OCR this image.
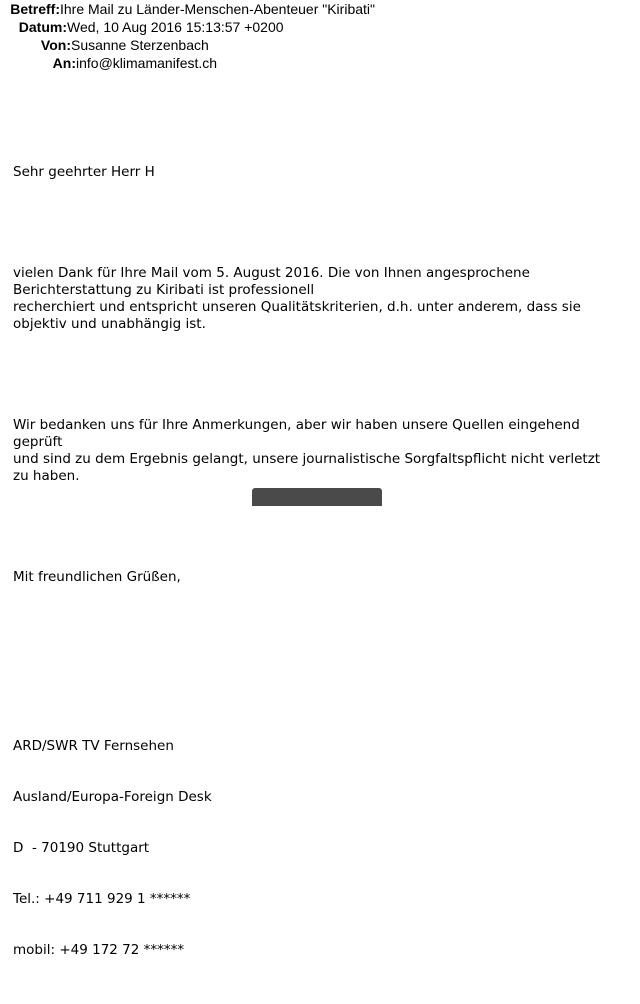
Betreff: Ihre Mail zu Länder-Menschen-Abenteuer "Kiribati"
Datum: Wed, 10 Aug 2016 15:13:57 +0200
Von: Susanne Sterzenbach
An: info@klimamanifest.ch

Sehr geehrter Herr H

vielen Dank für Ihre Mail vom 5. August 2016. Die von Ihnen angesprochene
Berichterstattung zu Kiribati ist professionell
recherchiert und entspricht unseren Qualitätskriterien, d.h. unter anderem, dass sie
objektiv und unabhängig ist.

Wir bedanken uns für Ihre Anmerkungen, aber wir haben unsere Quellen eingehend
geprüft
und sind zu dem Ergebnis gelangt, unsere journalistische Sorgfaltspflicht nicht verletzt
zu haben.

Mit freundlichen Grüßen,

ARD/SWR TV Fernsehen

Ausland/Europa-Foreign Desk

D  - 70190 Stuttgart

Tel.: +49 711 929 1 ******

mobil: +49 172 72 ******
